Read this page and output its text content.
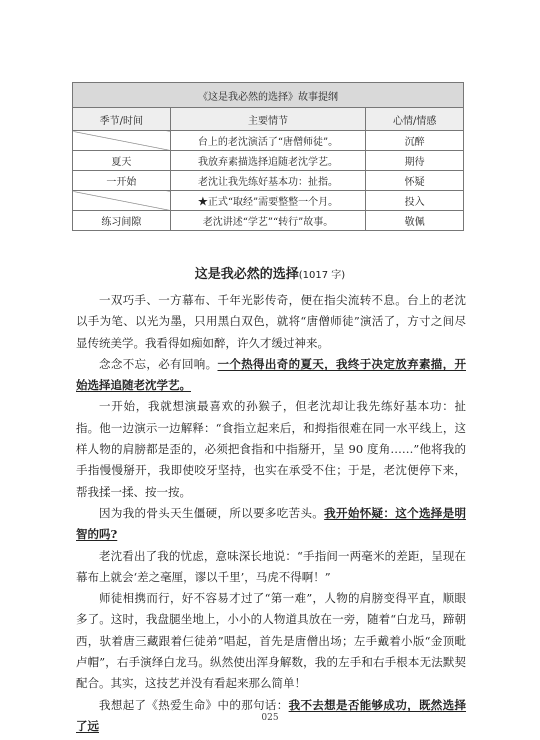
《这是我必然的选择》故事提纲		
季节/时间	主要情节	心情/情感
	台上的老沈演活了“唐僧师徒”。	沉醉
夏天	我放弃素描选择追随老沈学艺。	期待
一开始	老沈让我先练好基本功：扯指。	怀疑
	★正式“取经”需要整整一个月。	投入
练习间隙	老沈讲述“学艺”“转行”故事。	敬佩
这是我必然的选择(1017 字)

一双巧手、一方幕布、千年光影传奇，便在指尖流转不息。台上的老沈以手为笔、以光为墨，只用黑白双色，就将“唐僧师徒”演活了，方寸之间尽显传统美学。我看得如痴如醉，许久才缓过神来。

念念不忘，必有回响。一个热得出奇的夏天，我终于决定放弃素描，开始选择追随老沈学艺。

一开始，我就想演最喜欢的孙猴子，但老沈却让我先练好基本功：扯指。他一边演示一边解释：“食指立起来后，和拇指很难在同一水平线上，这样人物的肩膀都是歪的，必须把食指和中指掰开，呈 90 度角……”他将我的手指慢慢掰开，我即使咬牙坚持，也实在承受不住；于是，老沈便停下来，帮我揉一揉、按一按。

因为我的骨头天生僵硬，所以要多吃苦头。我开始怀疑：这个选择是明智的吗?

老沈看出了我的忧虑，意味深长地说：“手指间一两毫米的差距，呈现在幕布上就会‘差之毫厘，谬以千里’，马虎不得啊！”

师徒相携而行，好不容易才过了“第一难”，人物的肩膀变得平直，顺眼多了。这时，我盘腿坐地上，小小的人物道具放在一旁，随着“白龙马，蹄朝西，驮着唐三藏跟着仨徒弟”唱起，首先是唐僧出场；左手戴着小版“金顶毗卢帽”，右手演绎白龙马。纵然使出浑身解数，我的左手和右手根本无法默契配合。其实，这技艺并没有看起来那么简单！

我想起了《热爱生命》中的那句话：我不去想是否能够成功，既然选择了远

025
